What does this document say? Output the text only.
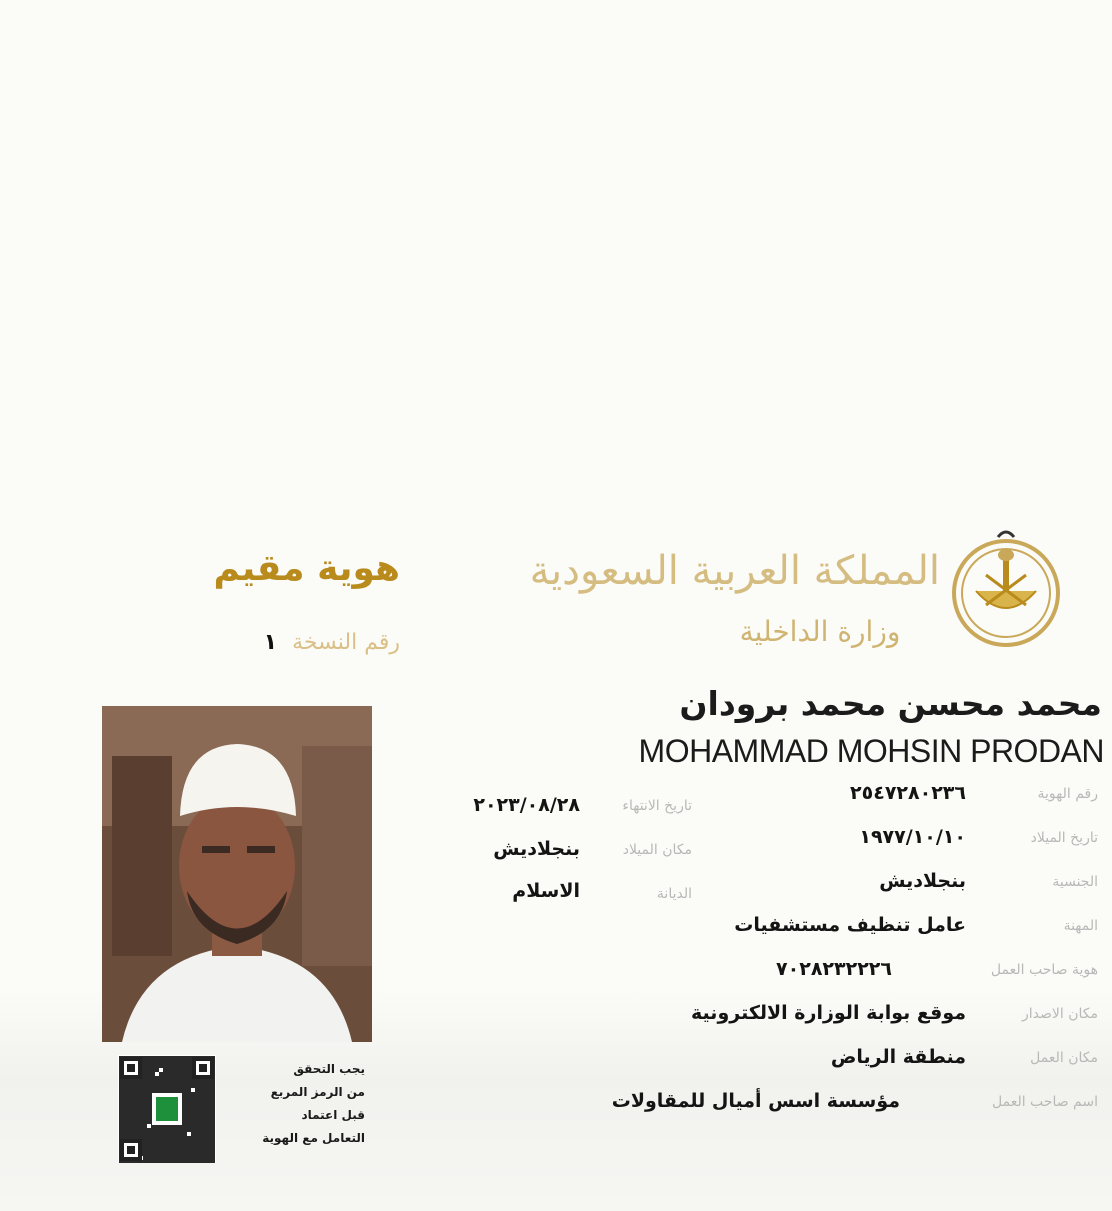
المملكة العربية السعودية
وزارة الداخلية
هوية مقيم
رقم النسخة ١
محمد محسن محمد برودان
MOHAMMAD MOHSIN PRODAN
رقم الهوية
٢٥٤٧٢٨٠٢٣٦
تاريخ الميلاد
١٩٧٧/١٠/١٠
الجنسية
بنجلاديش
المهنة
عامل تنظيف مستشفيات
هوية صاحب العمل
٧٠٢٨٢٣٢٢٢٦
مكان الاصدار
موقع بوابة الوزارة الالكترونية
مكان العمل
منطقة الرياض
اسم صاحب العمل
مؤسسة اسس أميال للمقاولات
تاريخ الانتهاء
٢٠٢٣/٠٨/٢٨
مكان الميلاد
بنجلاديش
الديانة
الاسلام
يجب التحقق
من الرمز المربع
قبل اعتماد
التعامل مع الهوية
